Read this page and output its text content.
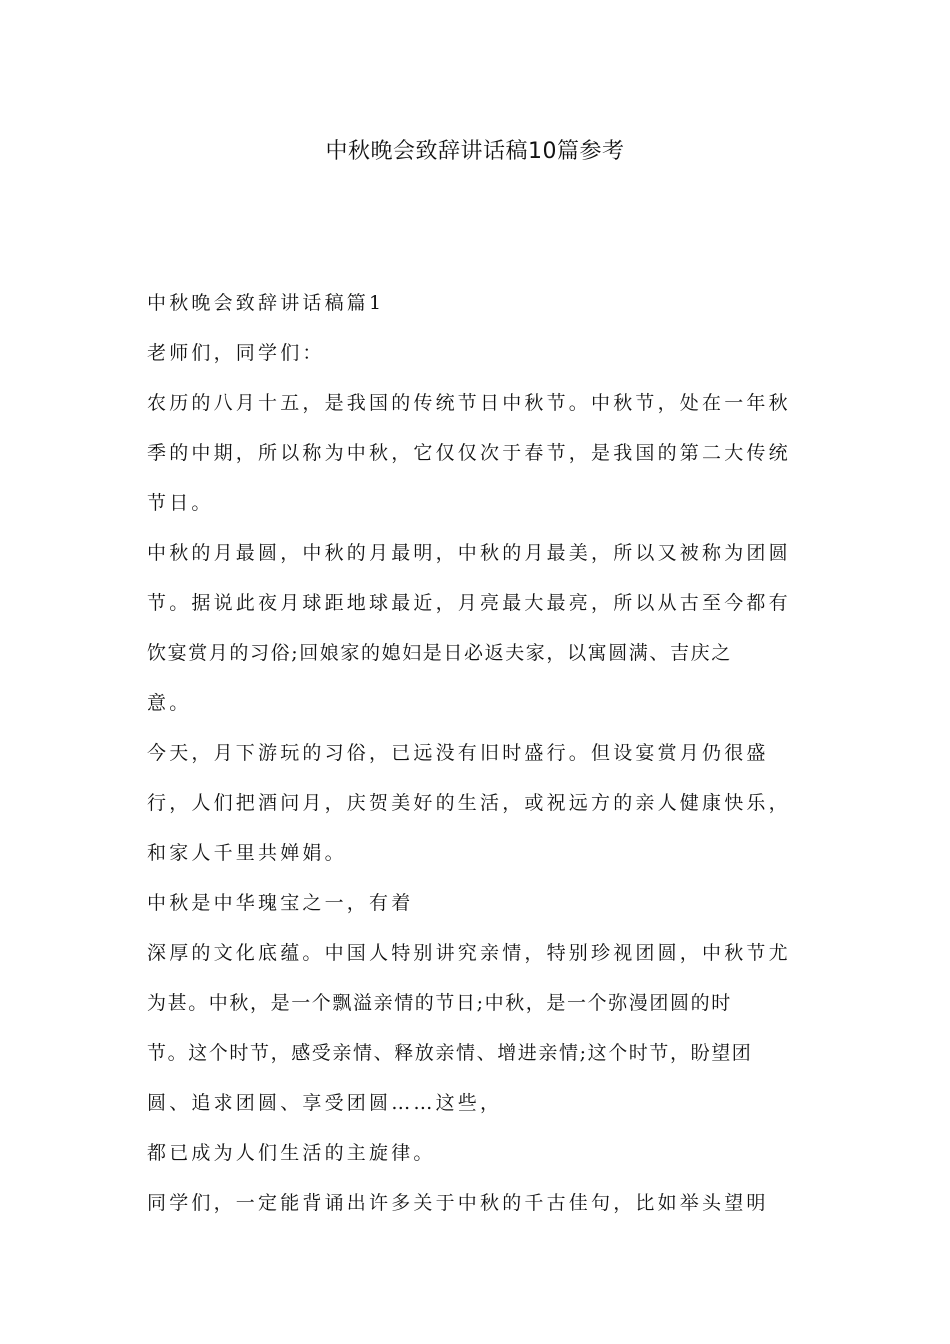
中秋晚会致辞讲话稿10篇参考
中秋晚会致辞讲话稿篇1
老师们，同学们：
农历的八月十五，是我国的传统节日中秋节。中秋节，处在一年秋
季的中期，所以称为中秋，它仅仅次于春节，是我国的第二大传统
节日。
中秋的月最圆，中秋的月最明，中秋的月最美，所以又被称为团圆
节。据说此夜月球距地球最近，月亮最大最亮，所以从古至今都有
饮宴赏月的习俗;回娘家的媳妇是日必返夫家，以寓圆满、吉庆之
意。
今天，月下游玩的习俗，已远没有旧时盛行。但设宴赏月仍很盛
行，人们把酒问月，庆贺美好的生活，或祝远方的亲人健康快乐，
和家人千里共婵娟。
中秋是中华瑰宝之一，有着
深厚的文化底蕴。中国人特别讲究亲情，特别珍视团圆，中秋节尤
为甚。中秋，是一个飘溢亲情的节日;中秋，是一个弥漫团圆的时
节。这个时节，感受亲情、释放亲情、增进亲情;这个时节，盼望团
圆、追求团圆、享受团圆……这些，
都已成为人们生活的主旋律。
同学们，一定能背诵出许多关于中秋的千古佳句，比如举头望明
